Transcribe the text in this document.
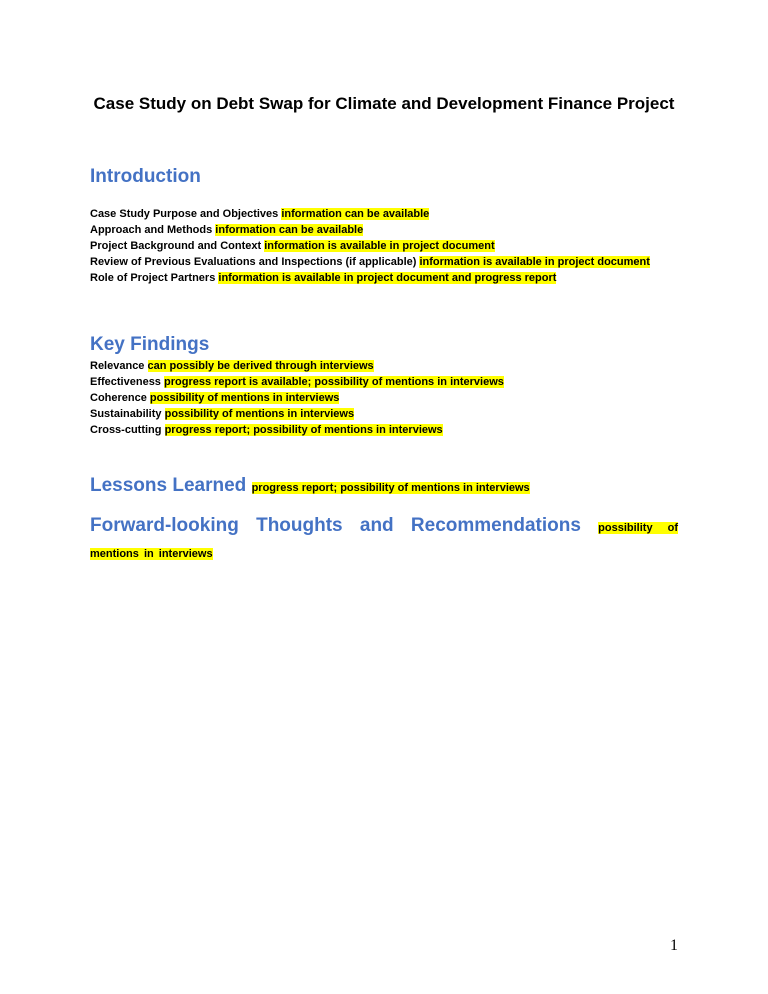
Case Study on Debt Swap for Climate and Development Finance Project
Introduction
Case Study Purpose and Objectives information can be available
Approach and Methods information can be available
Project Background and Context information is available in project document
Review of Previous Evaluations and Inspections (if applicable) information is available in project document
Role of Project Partners information is available in project document and progress report
Key Findings
Relevance can possibly be derived through interviews
Effectiveness progress report is available; possibility of mentions in interviews
Coherence possibility of mentions in interviews
Sustainability possibility of mentions in interviews
Cross-cutting progress report; possibility of mentions in interviews
Lessons Learned progress report; possibility of mentions in interviews
Forward-looking Thoughts and Recommendations possibility of mentions in interviews
1
